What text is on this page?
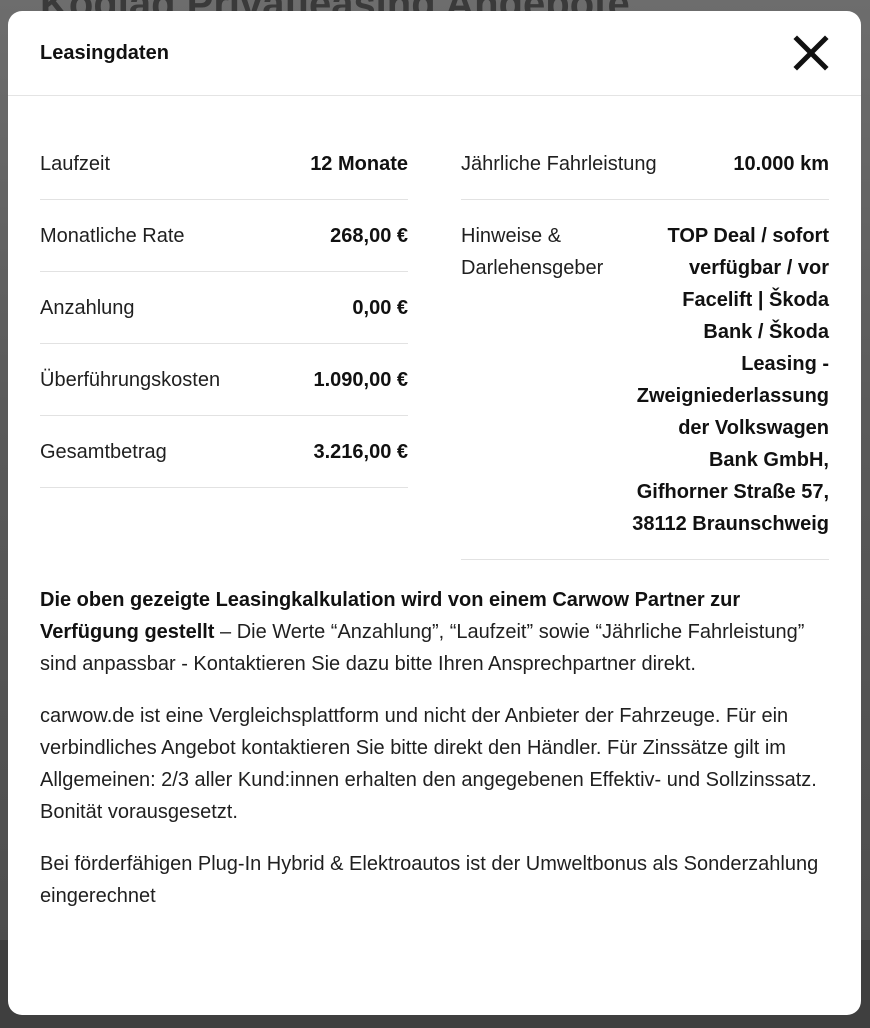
Leasingdaten
Laufzeit	12 Monate
Monatliche Rate	268,00 €
Anzahlung	0,00 €
Überführungskosten	1.090,00 €
Gesamtbetrag	3.216,00 €
Jährliche Fahrleistung	10.000 km
Hinweise & Darlehensgeber
TOP Deal / sofort verfügbar / vor Facelift | Škoda Bank / Škoda Leasing - Zweigniederlassung der Volkswagen Bank GmbH, Gifhorner Straße 57, 38112 Braunschweig

Die oben gezeigte Leasingkalkulation wird von einem Carwow Partner zur Verfügung gestellt – Die Werte “Anzahlung”, “Laufzeit” sowie “Jährliche Fahrleistung” sind anpassbar - Kontaktieren Sie dazu bitte Ihren Ansprechpartner direkt.

carwow.de ist eine Vergleichsplattform und nicht der Anbieter der Fahrzeuge. Für ein verbindliches Angebot kontaktieren Sie bitte direkt den Händler. Für Zinssätze gilt im Allgemeinen: 2/3 aller Kund:innen erhalten den angegebenen Effektiv- und Sollzinssatz. Bonität vorausgesetzt.

Bei förderfähigen Plug-In Hybrid & Elektroautos ist der Umweltbonus als Sonderzahlung eingerechnet
